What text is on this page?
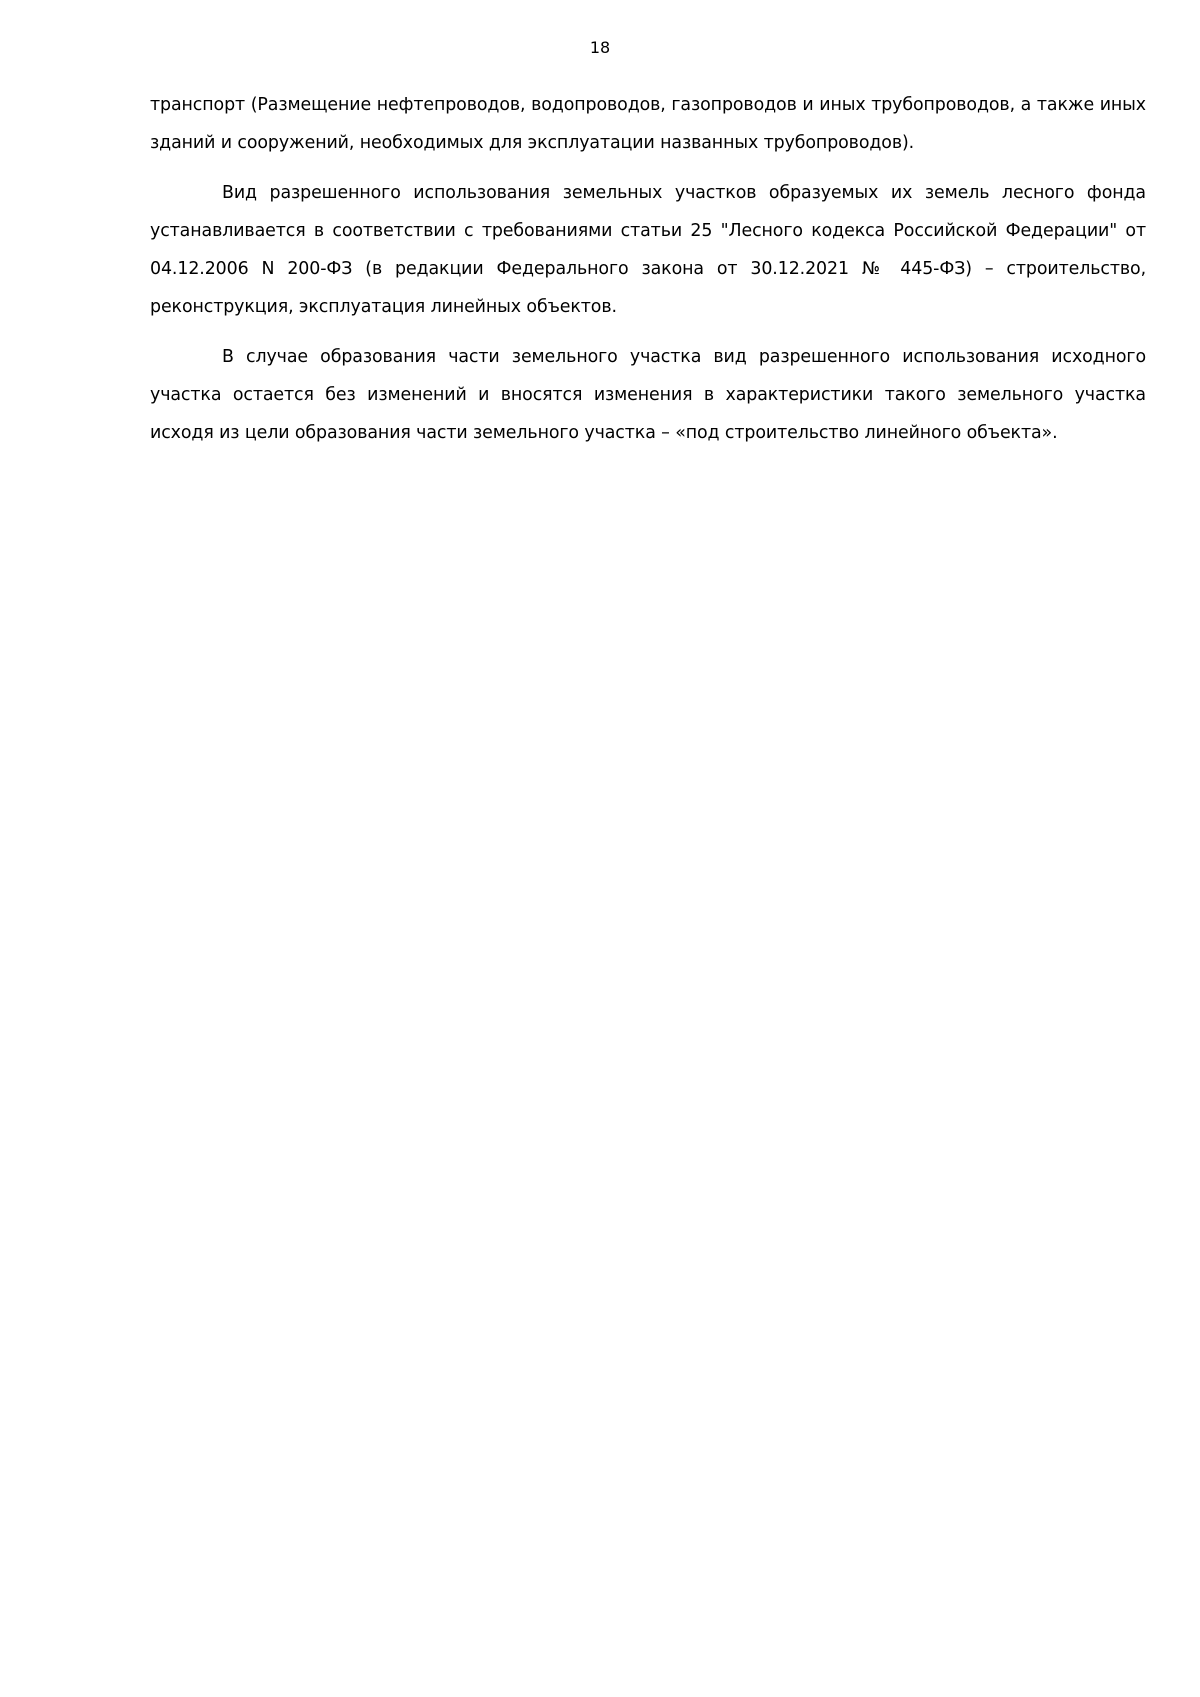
18

транспорт (Размещение нефтепроводов, водопроводов, газопроводов и иных трубопроводов, а также иных зданий и сооружений, необходимых для эксплуатации названных трубопроводов).

Вид разрешенного использования земельных участков образуемых их земель лесного фонда устанавливается в соответствии с требованиями статьи 25 "Лесного кодекса Российской Федерации" от 04.12.2006 N 200-ФЗ (в редакции Федерального закона от 30.12.2021 № 445-ФЗ) – строительство, реконструкция, эксплуатация линейных объектов.

В случае образования части земельного участка вид разрешенного использования исходного участка остается без изменений и вносятся изменения в характеристики такого земельного участка исходя из цели образования части земельного участка – «под строительство линейного объекта».
